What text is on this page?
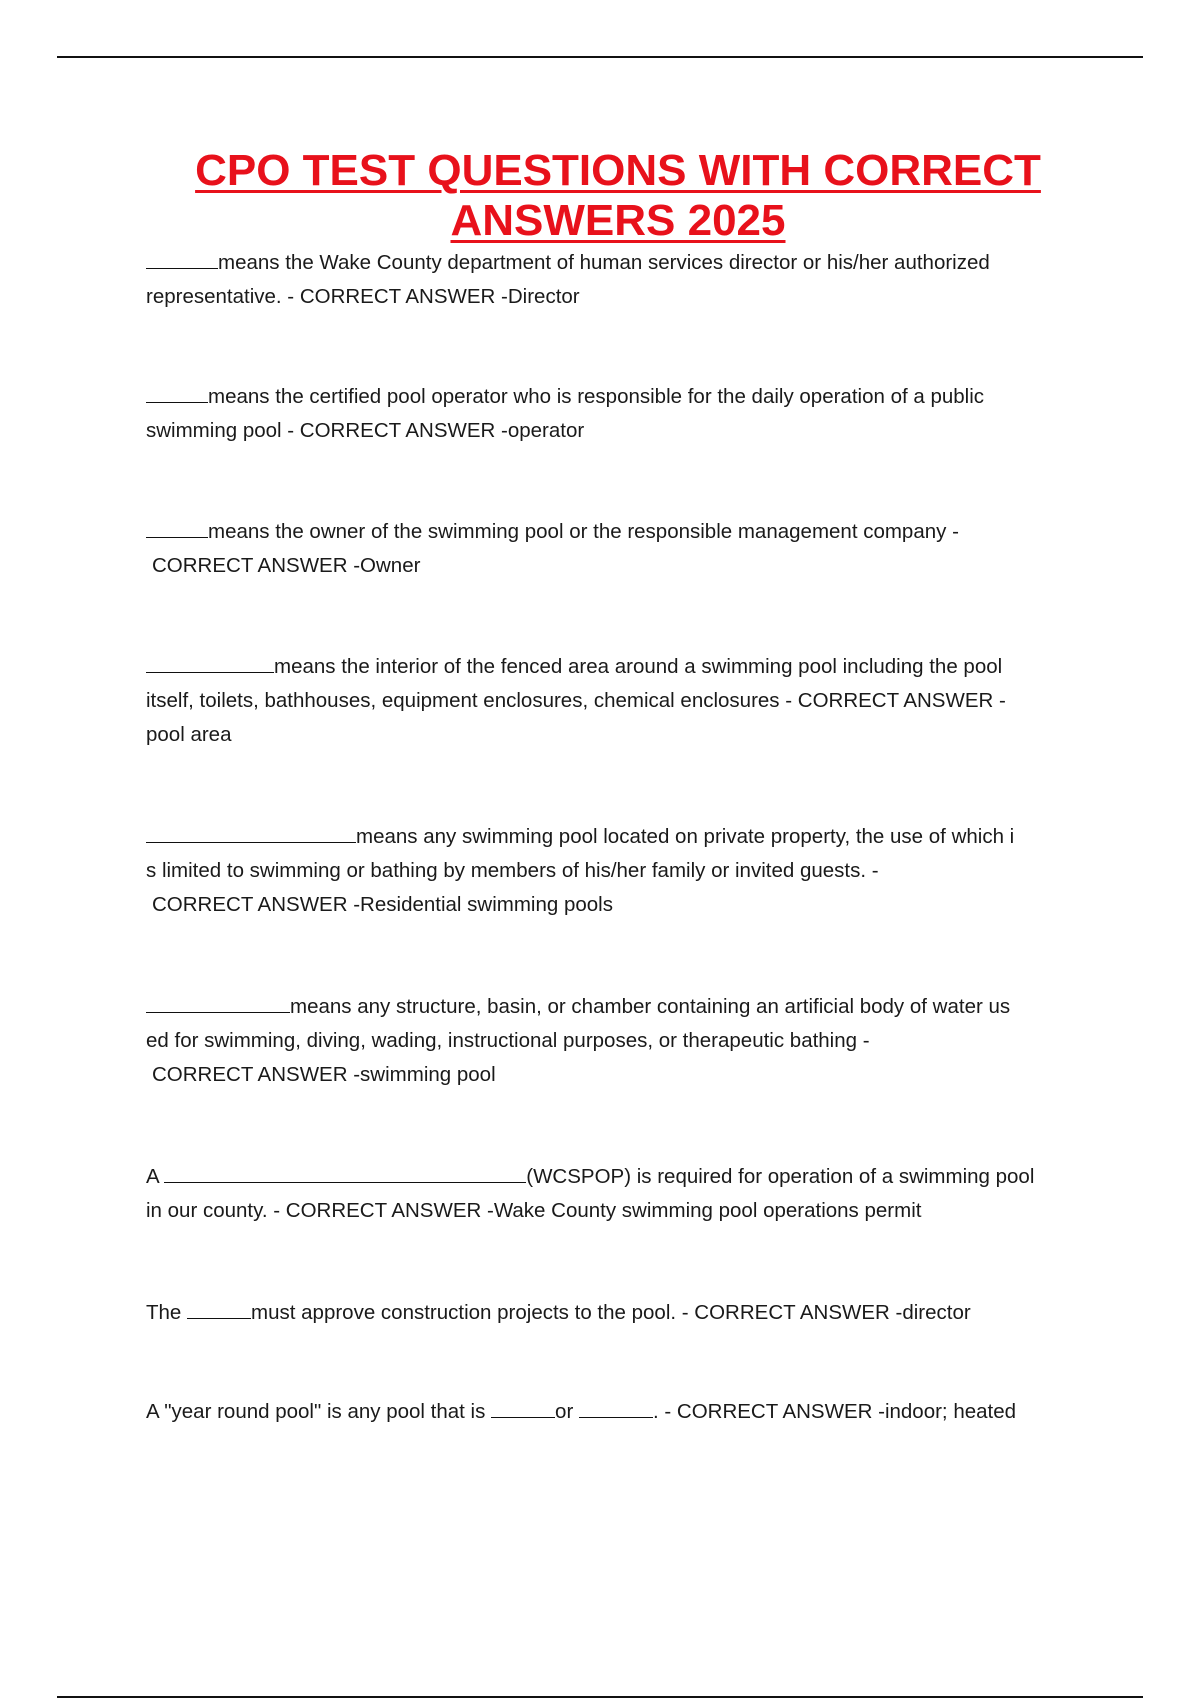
CPO TEST QUESTIONS WITH CORRECT
ANSWERS 2025

means the Wake County department of human services director or his/her authorized
representative. - CORRECT ANSWER -Director

means the certified pool operator who is responsible for the daily operation of a public
swimming pool - CORRECT ANSWER -operator

means the owner of the swimming pool or the responsible management company -
CORRECT ANSWER -Owner

means the interior of the fenced area around a swimming pool including the pool
itself, toilets, bathhouses, equipment enclosures, chemical enclosures - CORRECT ANSWER -
pool area

means any swimming pool located on private property, the use of which i
s limited to swimming or bathing by members of his/her family or invited guests. -
CORRECT ANSWER -Residential swimming pools

means any structure, basin, or chamber containing an artificial body of water us
ed for swimming, diving, wading, instructional purposes, or therapeutic bathing -
CORRECT ANSWER -swimming pool

A	(WCSPOP) is required for operation of a swimming pool
in our county. - CORRECT ANSWER -Wake County swimming pool operations permit

The	must approve construction projects to the pool. - CORRECT ANSWER -director

A "year round pool" is any pool that is	or	. - CORRECT ANSWER -indoor; heated
